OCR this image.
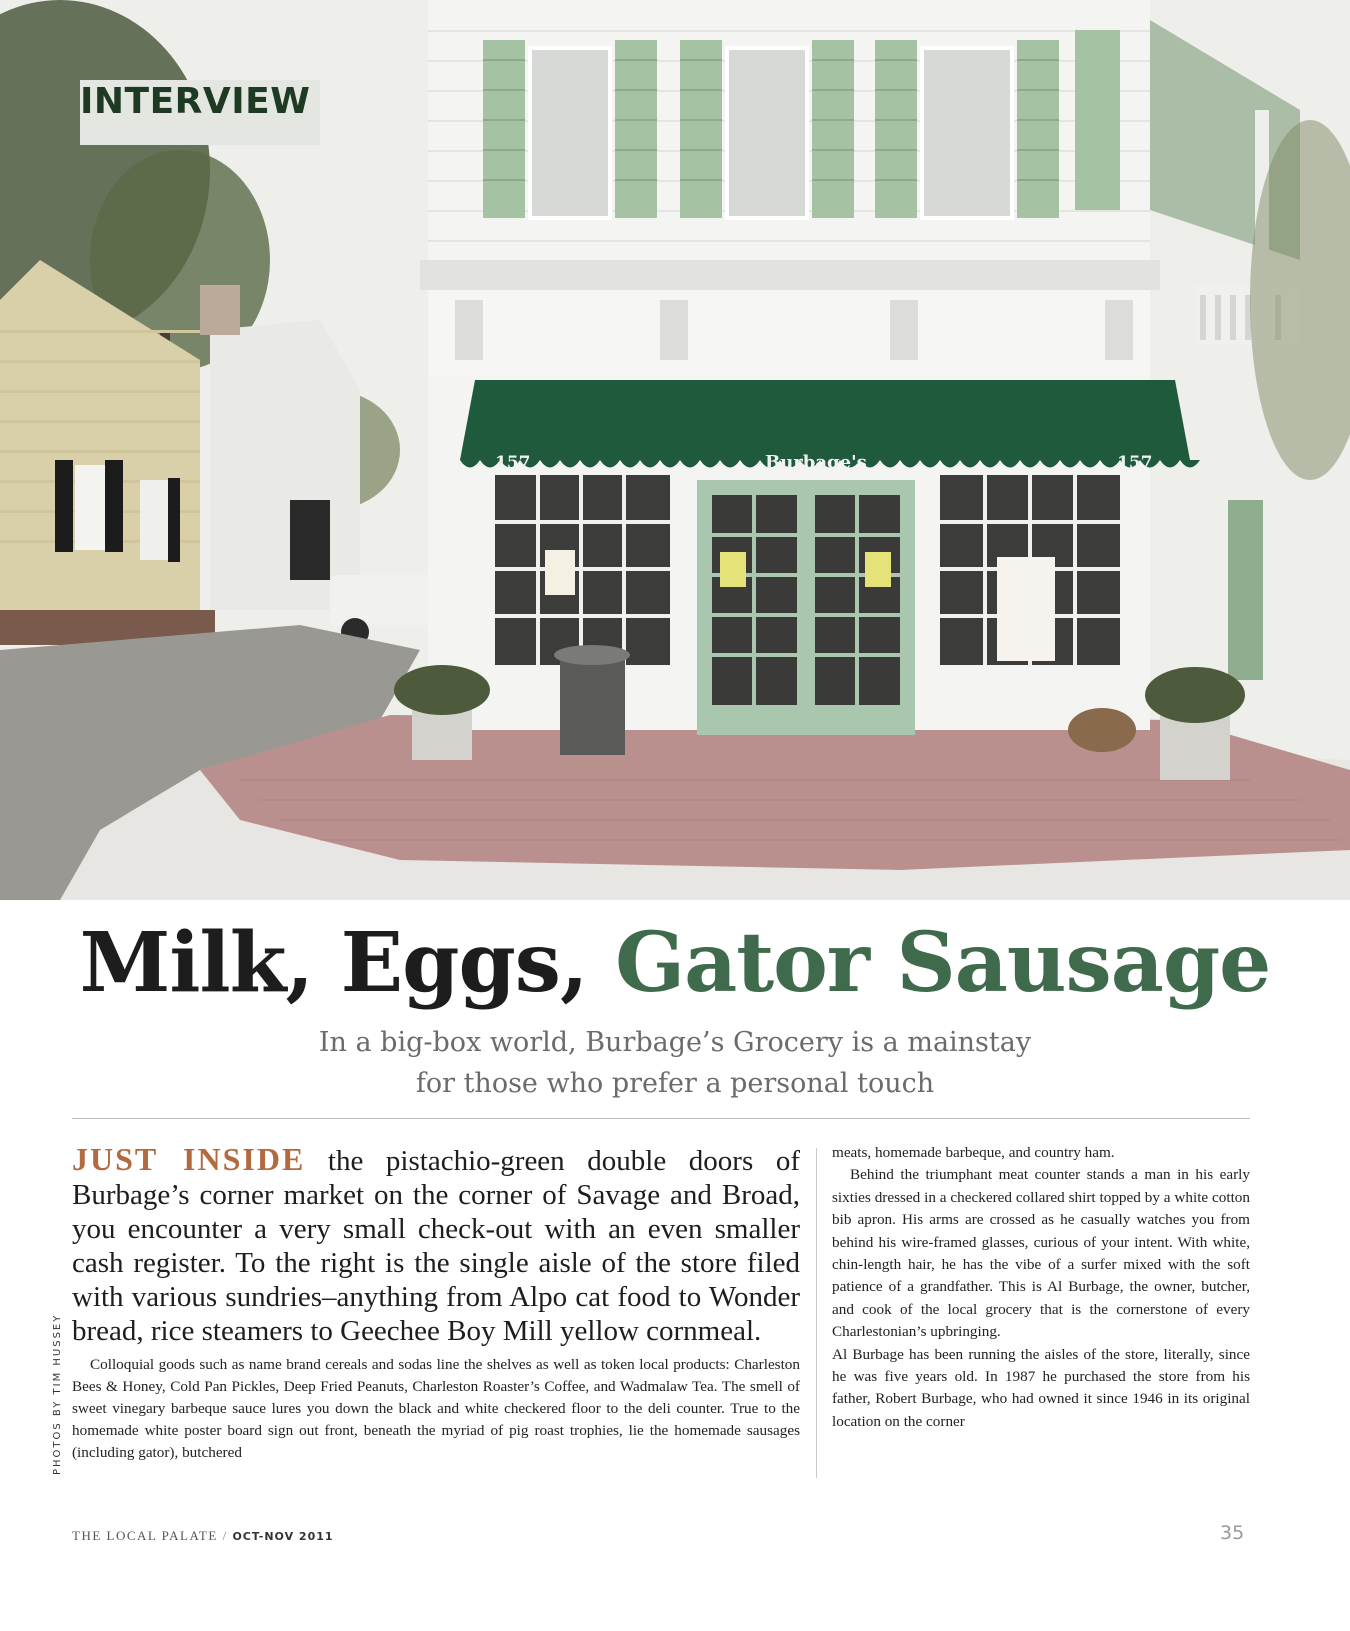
157	Burbage's	157
INTERVIEW
Milk, Eggs, Gator Sausage
In a big-box world, Burbage’s Grocery is a mainstay
for those who prefer a personal touch

JUST INSIDE the pistachio-green double doors of Burbage’s corner market on the corner of Savage and Broad, you encounter a very small check-out with an even smaller cash register. To the right is the single aisle of the store filed with various sundries–anything from Alpo cat food to Wonder bread, rice steamers to Geechee Boy Mill yellow cornmeal.

Colloquial goods such as name brand cereals and sodas line the shelves as well as token local products: Charleston Bees & Honey, Cold Pan Pickles, Deep Fried Peanuts, Charleston Roaster’s Coffee, and Wadmalaw Tea. The smell of sweet vinegary barbeque sauce lures you down the black and white checkered floor to the deli counter. True to the homemade white poster board sign out front, beneath the myriad of pig roast trophies, lie the homemade sausages (including gator), butchered

meats, homemade barbeque, and country ham.

Behind the triumphant meat counter stands a man in his early sixties dressed in a checkered collared shirt topped by a white cotton bib apron. His arms are crossed as he casually watches you from behind his wire-framed glasses, curious of your intent. With white, chin-length hair, he has the vibe of a surfer mixed with the soft patience of a grandfather. This is Al Burbage, the owner, butcher, and cook of the local grocery that is the cornerstone of every Charlestonian’s upbringing.

Al Burbage has been running the aisles of the store, literally, since he was five years old. In 1987 he purchased the store from his father, Robert Burbage, who had owned it since 1946 in its original location on the corner

PHOTOS BY TIM HUSSEY
THE LOCAL PALATE / OCT-NOV 2011	35
